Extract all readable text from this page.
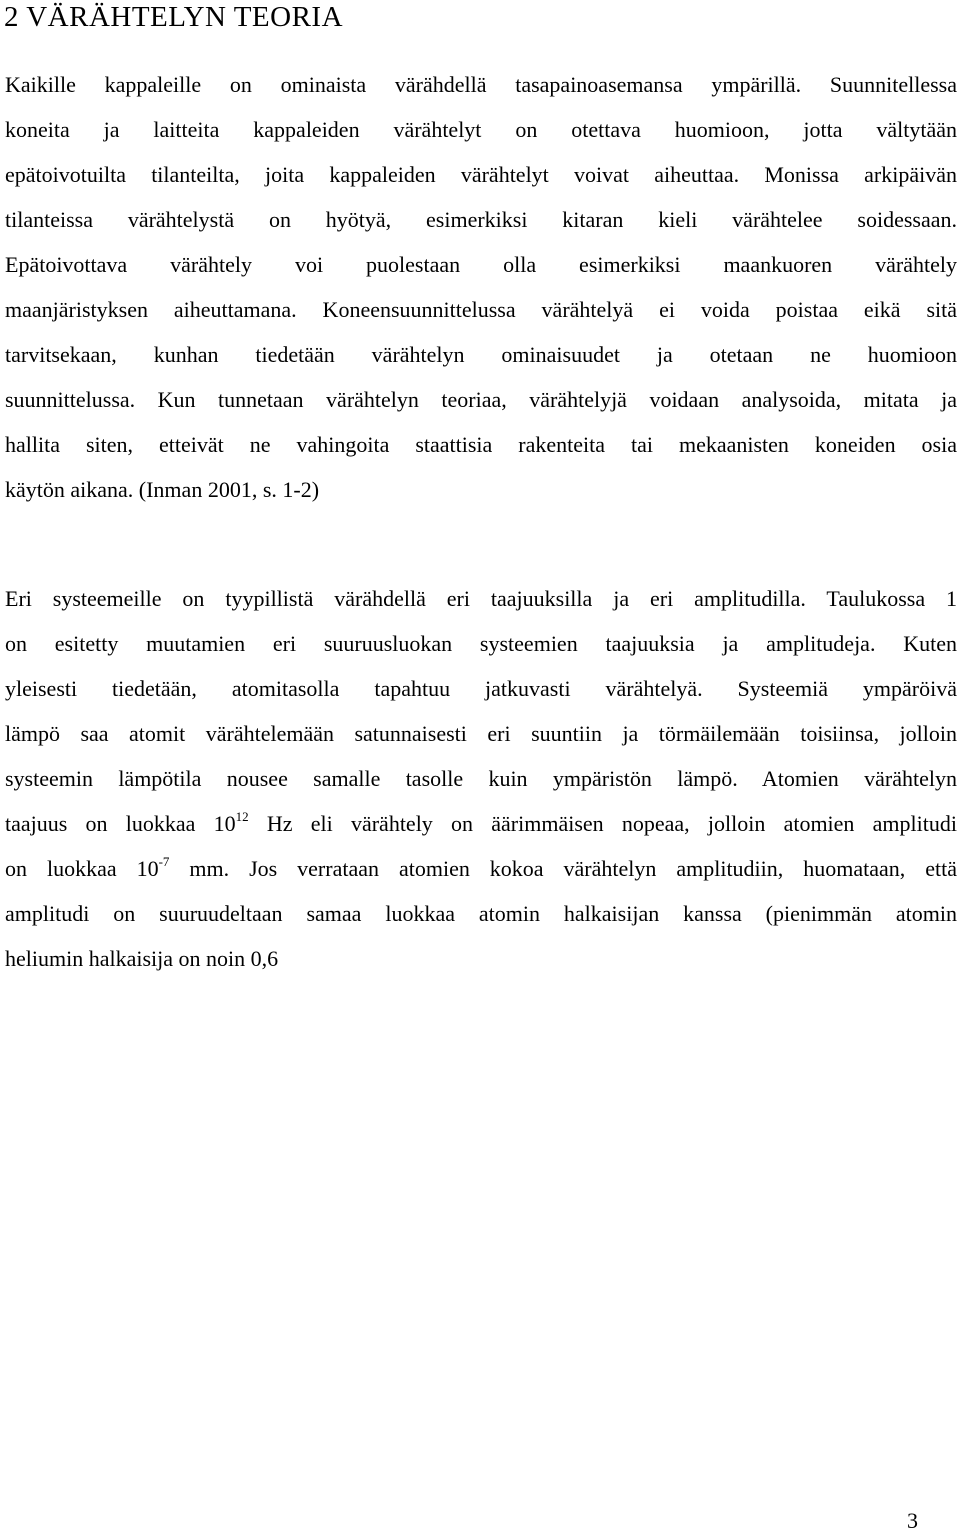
2 VÄRÄHTELYN TEORIA
Kaikille kappaleille on ominaista värähdellä tasapainoasemansa ympärillä. Suunnitellessa
koneita ja laitteita kappaleiden värähtelyt on otettava huomioon, jotta vältytään
epätoivotuilta tilanteilta, joita kappaleiden värähtelyt voivat aiheuttaa. Monissa arkipäivän
tilanteissa värähtelystä on hyötyä, esimerkiksi kitaran kieli värähtelee soidessaan.
Epätoivottava värähtely voi puolestaan olla esimerkiksi maankuoren värähtely
maanjäristyksen aiheuttamana. Koneensuunnittelussa värähtelyä ei voida poistaa eikä sitä
tarvitsekaan, kunhan tiedetään värähtelyn ominaisuudet ja otetaan ne huomioon
suunnittelussa. Kun tunnetaan värähtelyn teoriaa, värähtelyjä voidaan analysoida, mitata ja
hallita siten, etteivät ne vahingoita staattisia rakenteita tai mekaanisten koneiden osia
käytön aikana. (Inman 2001, s. 1-2)
Eri systeemeille on tyypillistä värähdellä eri taajuuksilla ja eri amplitudilla. Taulukossa 1
on esitetty muutamien eri suuruusluokan systeemien taajuuksia ja amplitudeja. Kuten
yleisesti tiedetään, atomitasolla tapahtuu jatkuvasti värähtelyä. Systeemiä ympäröivä
lämpö saa atomit värähtelemään satunnaisesti eri suuntiin ja törmäilemään toisiinsa, jolloin
systeemin lämpötila nousee samalle tasolle kuin ympäristön lämpö. Atomien värähtelyn
taajuus on luokkaa $10^{12}$ Hz eli värähtely on äärimmäisen nopeaa, jolloin atomien amplitudi
on luokkaa $10^{-7}$ mm. Jos verrataan atomien kokoa värähtelyn amplitudiin, huomataan, että
amplitudi on suuruudeltaan samaa luokkaa atomin halkaisijan kanssa (pienimmän atomin
heliumin halkaisija on noin 0,6

3
